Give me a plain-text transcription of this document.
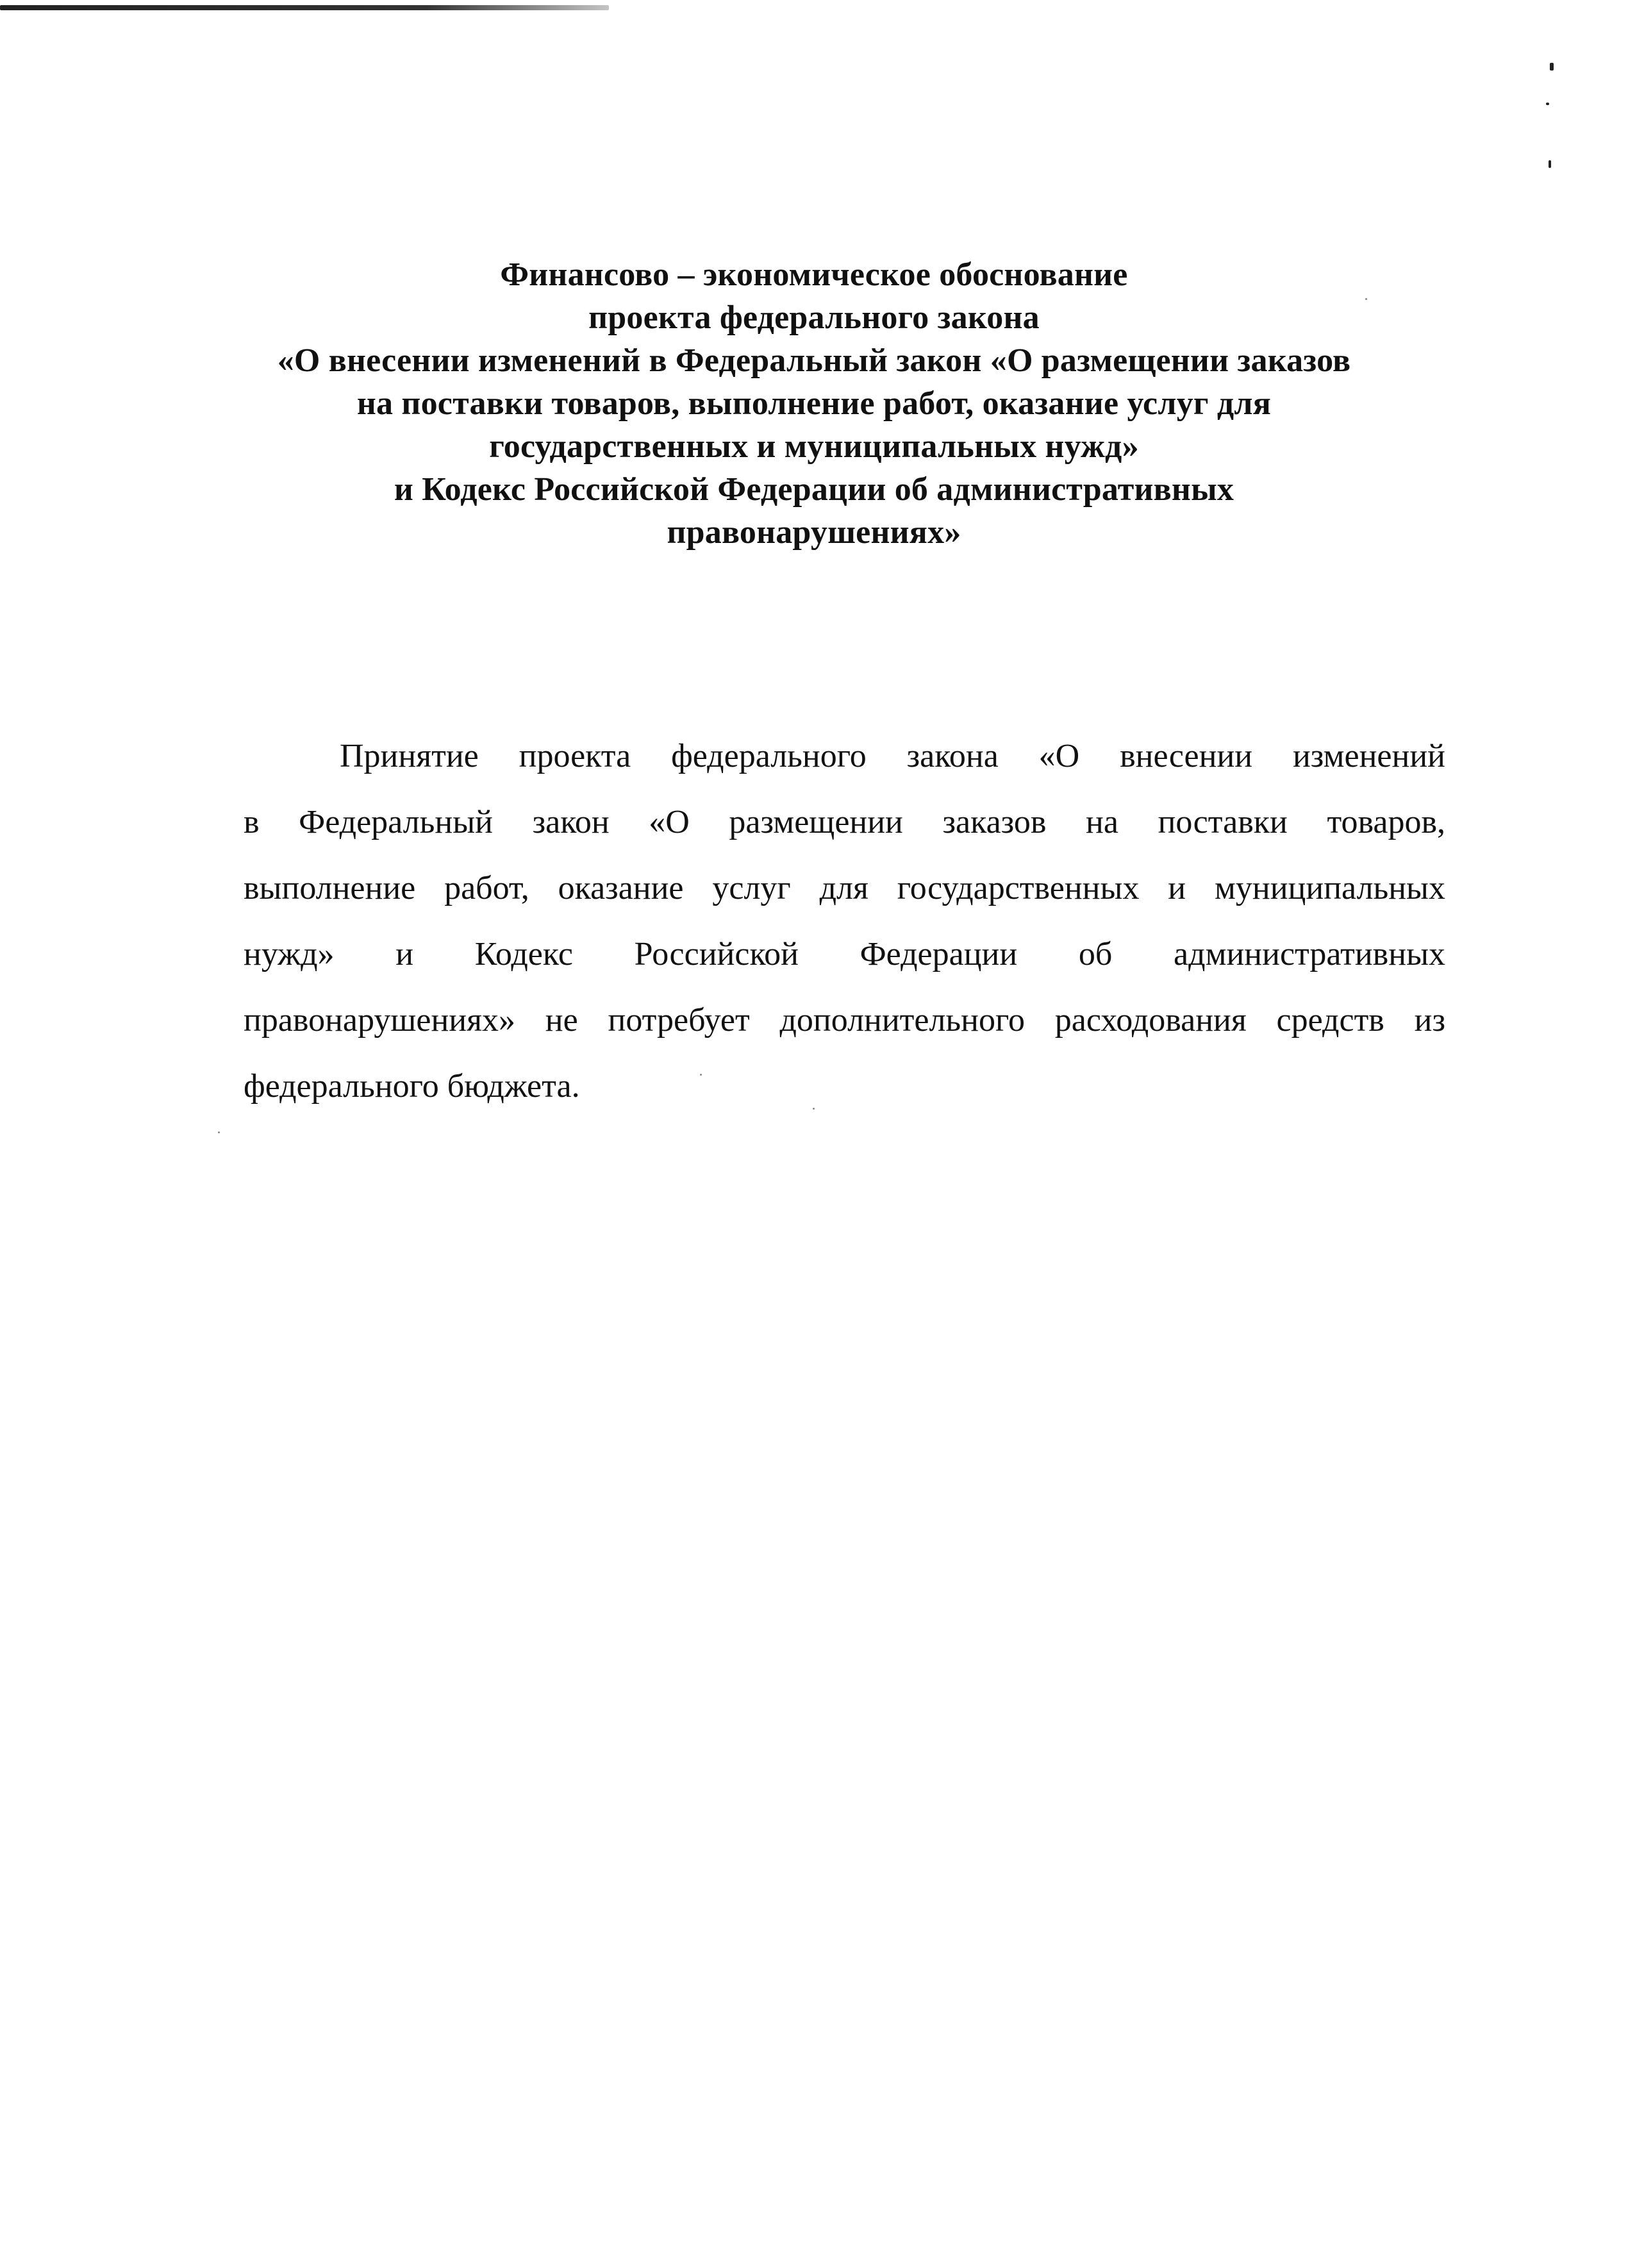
Финансово – экономическое обоснование
проекта федерального закона
«О внесении изменений в Федеральный закон «О размещении заказов
на поставки товаров, выполнение работ, оказание услуг для
государственных и муниципальных нужд»
и Кодекс Российской Федерации об административных
правонарушениях»
Принятие проекта федерального закона «О внесении изменений
в Федеральный закон «О размещении заказов на поставки товаров,
выполнение работ, оказание услуг для государственных и муниципальных
нужд» и Кодекс Российской Федерации об административных
правонарушениях» не потребует дополнительного расходования средств из
федерального бюджета.
